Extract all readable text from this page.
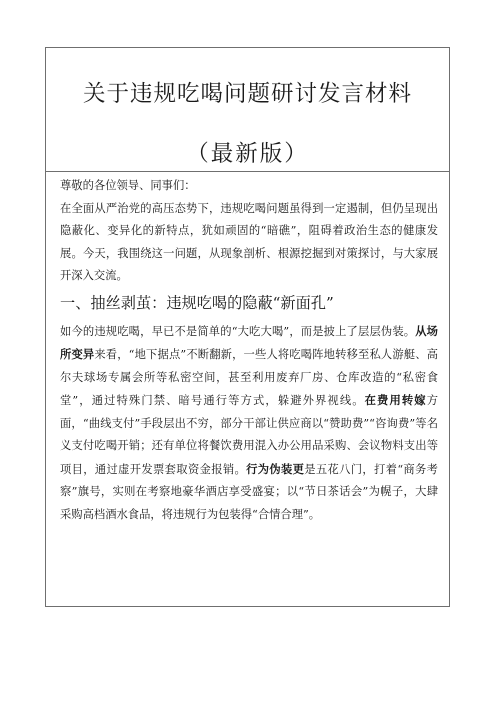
关于违规吃喝问题研讨发言材料
（最新版）

尊敬的各位领导、同事们：

在全面从严治党的高压态势下，违规吃喝问题虽得到一定遏制，但仍呈现出隐蔽化、变异化的新特点，犹如顽固的“暗礁”，阻碍着政治生态的健康发展。今天，我围绕这一问题，从现象剖析、根源挖掘到对策探讨，与大家展开深入交流。

一、抽丝剥茧：违规吃喝的隐蔽“新面孔”

如今的违规吃喝，早已不是简单的“大吃大喝”，而是披上了层层伪装。从场所变异来看，“地下据点”不断翻新，一些人将吃喝阵地转移至私人游艇、高尔夫球场专属会所等私密空间，甚至利用废弃厂房、仓库改造的“私密食堂”，通过特殊门禁、暗号通行等方式，躲避外界视线。在费用转嫁方面，“曲线支付”手段层出不穷，部分干部让供应商以“赞助费”“咨询费”等名义支付吃喝开销；还有单位将餐饮费用混入办公用品采购、会议物料支出等项目，通过虚开发票套取资金报销。行为伪装更是五花八门，打着“商务考察”旗号，实则在考察地豪华酒店享受盛宴；以“节日茶话会”为幌子，大肆采购高档酒水食品，将违规行为包装得“合情合理”。
